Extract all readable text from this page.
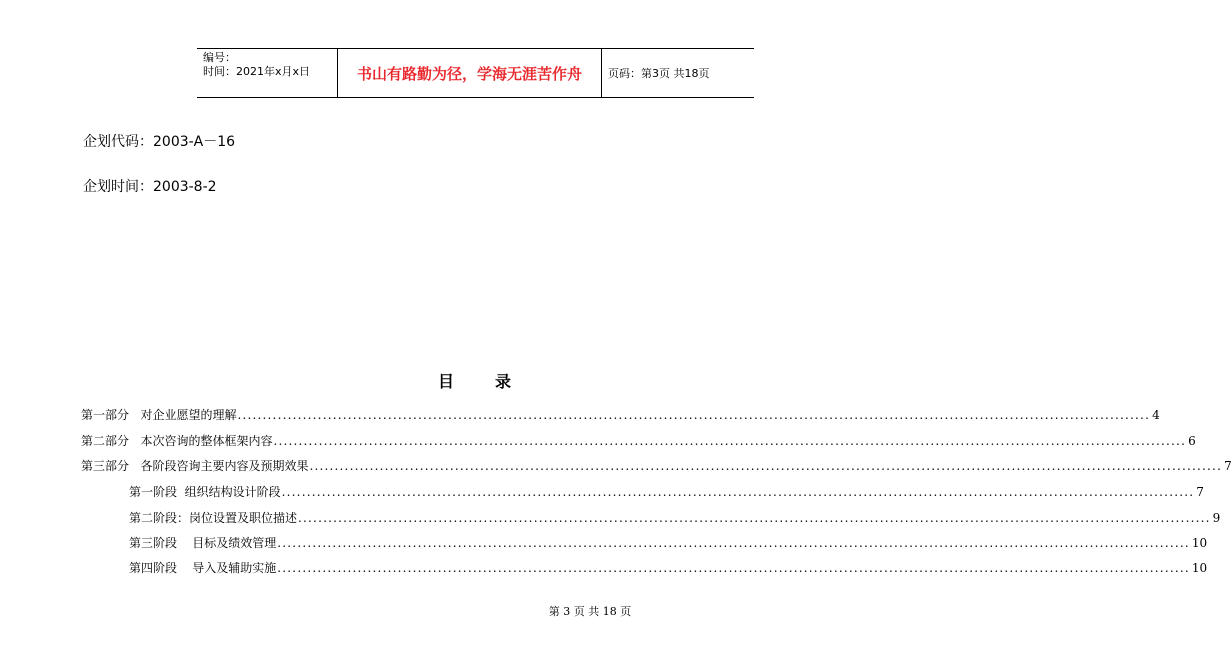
编号：
时间：2021年x月x日	书山有路勤为径，学海无涯苦作舟	页码：第3页 共18页
企划代码：2003-A－16
企划时间：2003-8-2
目	录
第一部分   对企业愿望的理解 ...................................................................................................................................................................................... 4
第二部分   本次咨询的整体框架内容 ...................................................................................................................................................................................... 6
第三部分   各阶段咨询主要内容及预期效果 ...................................................................................................................................................................................... 7
第一阶段  组织结构设计阶段 ...................................................................................................................................................................................... 7
第二阶段：岗位设置及职位描述 ...................................................................................................................................................................................... 9
第三阶段    目标及绩效管理 ...................................................................................................................................................................................... 10
第四阶段    导入及辅助实施 ...................................................................................................................................................................................... 10
第 3 页 共 18 页
